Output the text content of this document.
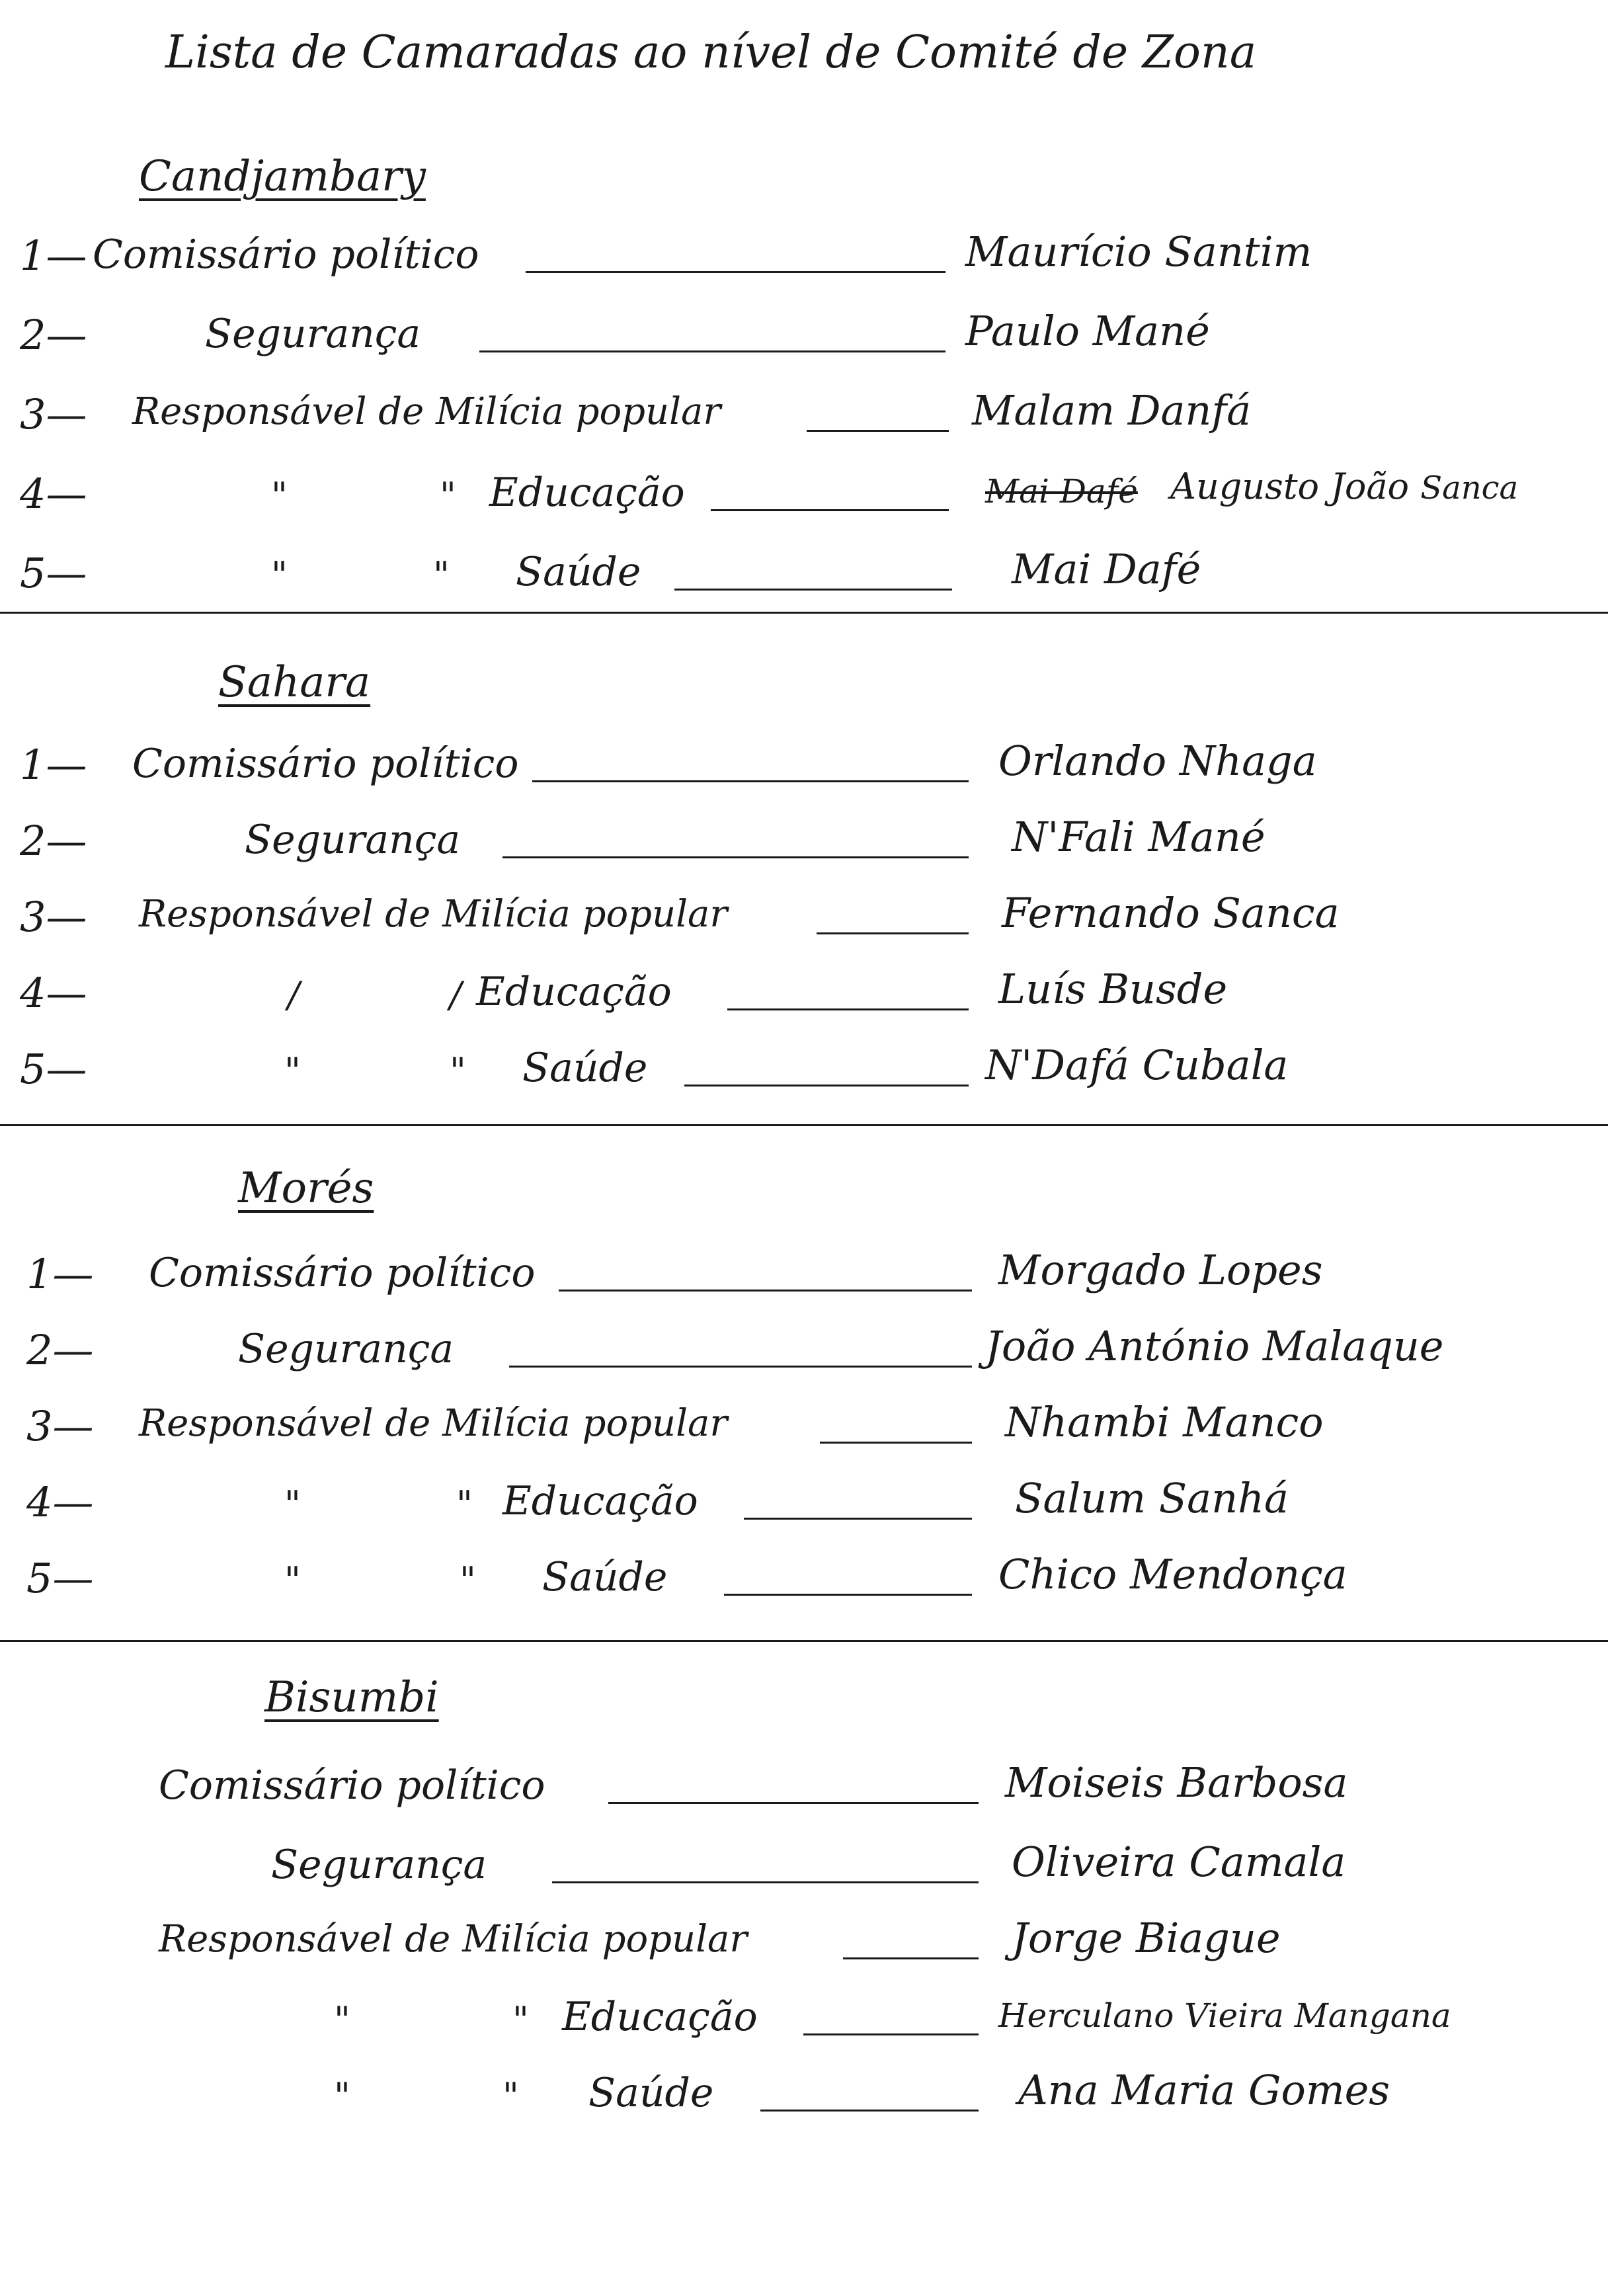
Lista de Camaradas ao nível de Comité de Zona
Candjambary
1— Comissário político	Maurício Santim
2—	Segurança	Paulo Mané
3— Responsável de Milícia popular	Malam Danfá
4—	"	" Educação	Mai Dafé Augusto João Sanca
5—	"	" Saúde	Mai Dafé
Sahara
1— Comissário político	Orlando Nhaga
2—	Segurança	N'Fali Mané
3— Responsável de Milícia popular	Fernando Sanca
4—	/	/ Educação	Luís Busde
5—	"	" Saúde	N'Dafá Cubala
Morés
1— Comissário político	Morgado Lopes
2—	Segurança	João António Malaque
3— Responsável de Milícia popular	Nhambi Manco
4—	"	" Educação	Salum Sanhá
5—	"	" Saúde	Chico Mendonça
Bisumbi
Comissário político	Moiseis Barbosa
Segurança	Oliveira Camala
Responsável de Milícia popular	Jorge Biague
"	" Educação	Herculano Vieira Mangana
"	" Saúde	Ana Maria Gomes
